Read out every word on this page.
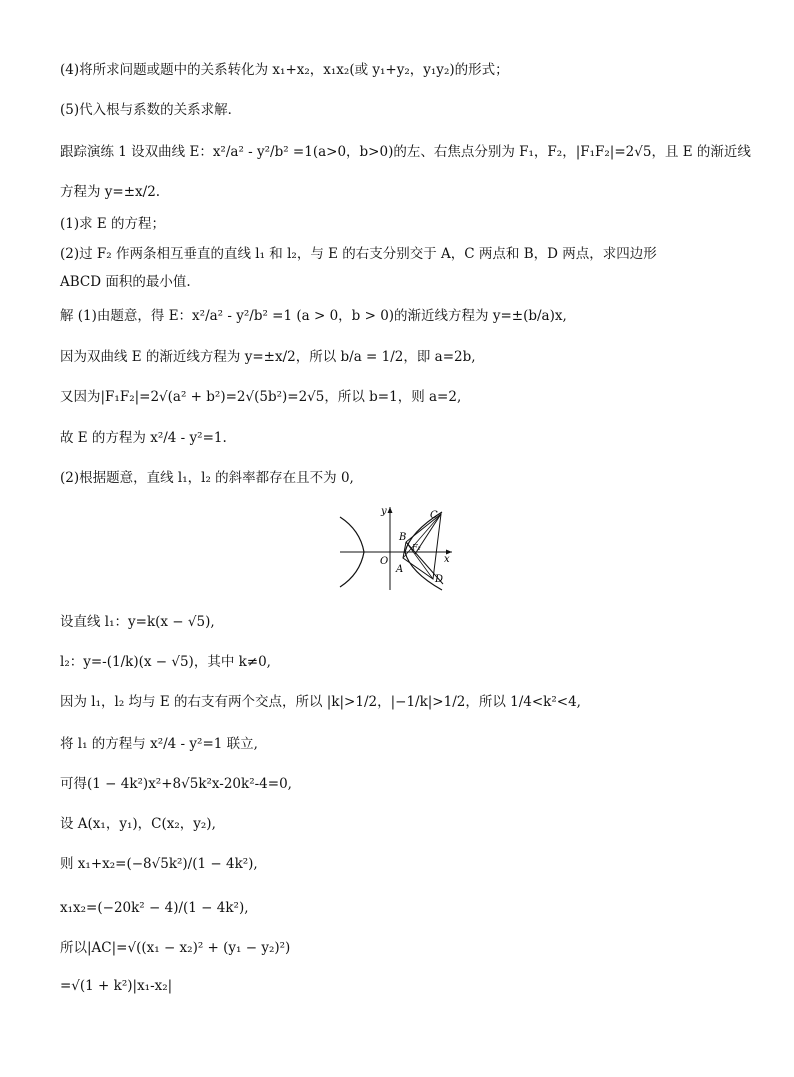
(4)将所求问题或题中的关系转化为 x₁+x₂，x₁x₂(或 y₁+y₂，y₁y₂)的形式；
(5)代入根与系数的关系求解．
跟踪演练 1 设双曲线 E：x²/a² - y²/b² =1(a>0，b>0)的左、右焦点分别为 F₁，F₂，|F₁F₂|=2√5，且 E 的渐近线
方程为 y=±x/2.
(1)求 E 的方程；
(2)过 F₂ 作两条相互垂直的直线 l₁ 和 l₂，与 E 的右支分别交于 A，C 两点和 B，D 两点，求四边形
ABCD 面积的最小值.
解 (1)由题意，得 E：x²/a² - y²/b² =1 (a > 0，b > 0)的渐近线方程为 y=±(b/a)x,
因为双曲线 E 的渐近线方程为 y=±x/2，所以 b/a = 1/2，即 a=2b,
又因为|F₁F₂|=2√(a² + b²)=2√(5b²)=2√5，所以 b=1，则 a=2,
故 E 的方程为 x²/4 - y²=1.
(2)根据题意，直线 l₁，l₂ 的斜率都存在且不为 0,
y
x
O
B
C
A
D
F₂
设直线 l₁：y=k(x − √5),
l₂：y=-(1/k)(x − √5)，其中 k≠0,
因为 l₁，l₂ 均与 E 的右支有两个交点，所以 |k|>1/2，|−1/k|>1/2，所以 1/4<k²<4,
将 l₁ 的方程与 x²/4 - y²=1 联立,
可得(1 − 4k²)x²+8√5k²x-20k²-4=0,
设 A(x₁，y₁)，C(x₂，y₂),
则 x₁+x₂=(−8√5k²)/(1 − 4k²),
x₁x₂=(−20k² − 4)/(1 − 4k²),
所以|AC|=√((x₁ − x₂)² + (y₁ − y₂)²)
=√(1 + k²)|x₁-x₂|
